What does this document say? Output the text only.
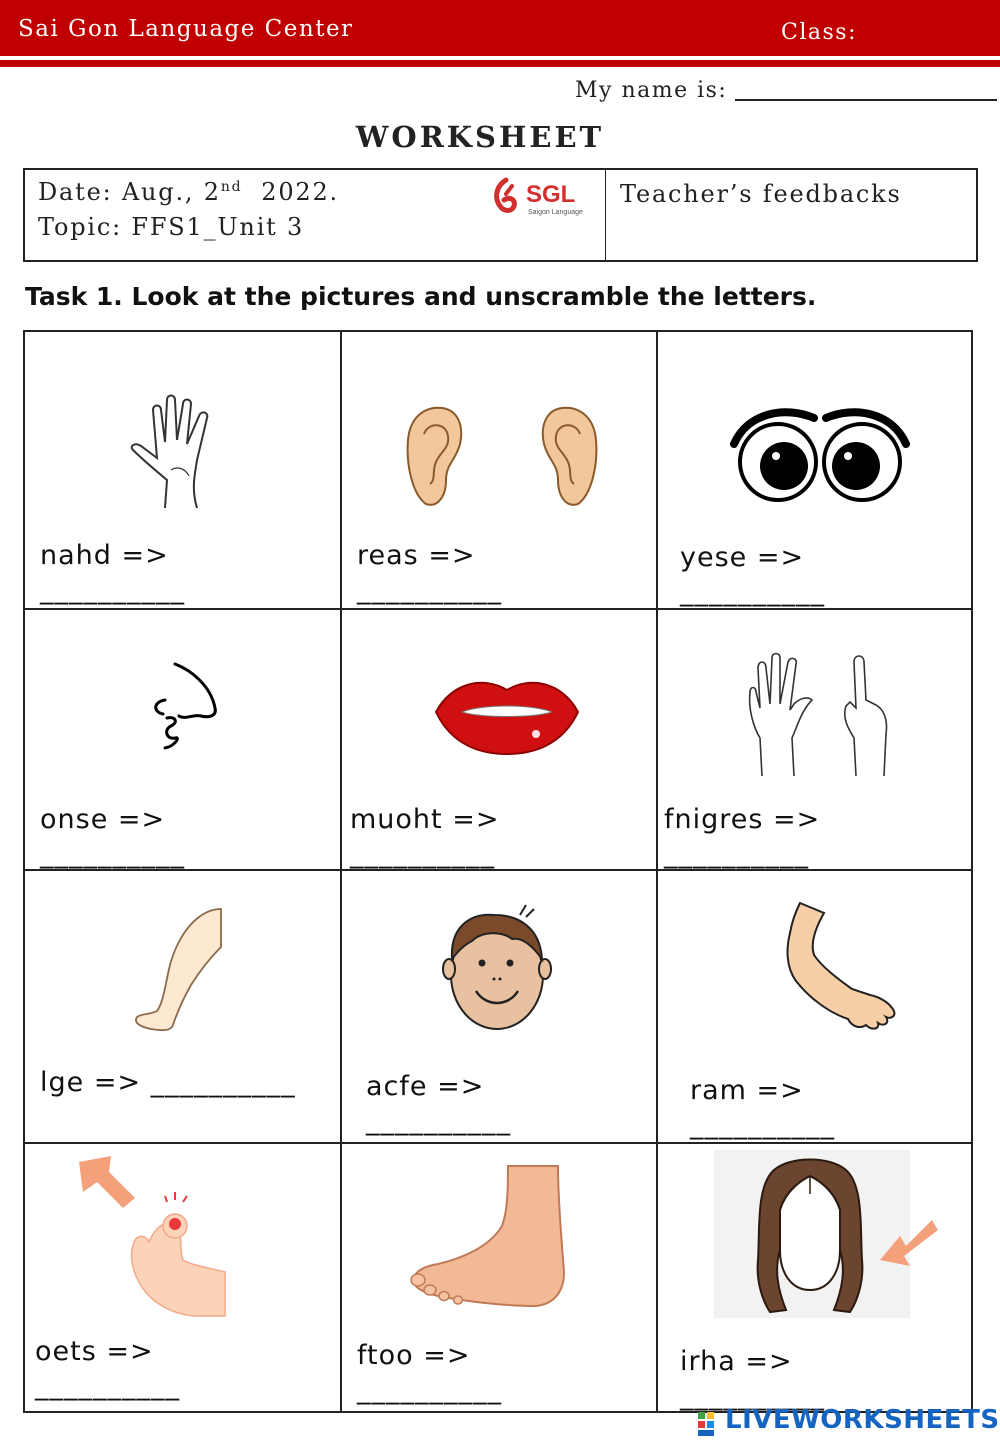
Sai Gon Language Center	Class:
My name is:
WORKSHEET
Date: Aug., 2nd  2022.
Topic: FFS1_Unit 3
SGL
Saigon Language
Teacher’s feedbacks
Task 1. Look at the pictures and unscramble the letters.
nahd =>
__________
reas =>
__________
yese =>
__________
onse =>
__________
muoht =>
__________
fnigres =>
__________
lge => __________	acfe =>
__________
ram =>
__________
oets =>
__________
ftoo =>
__________
irha =>
__________
LIVEWORKSHEETS
